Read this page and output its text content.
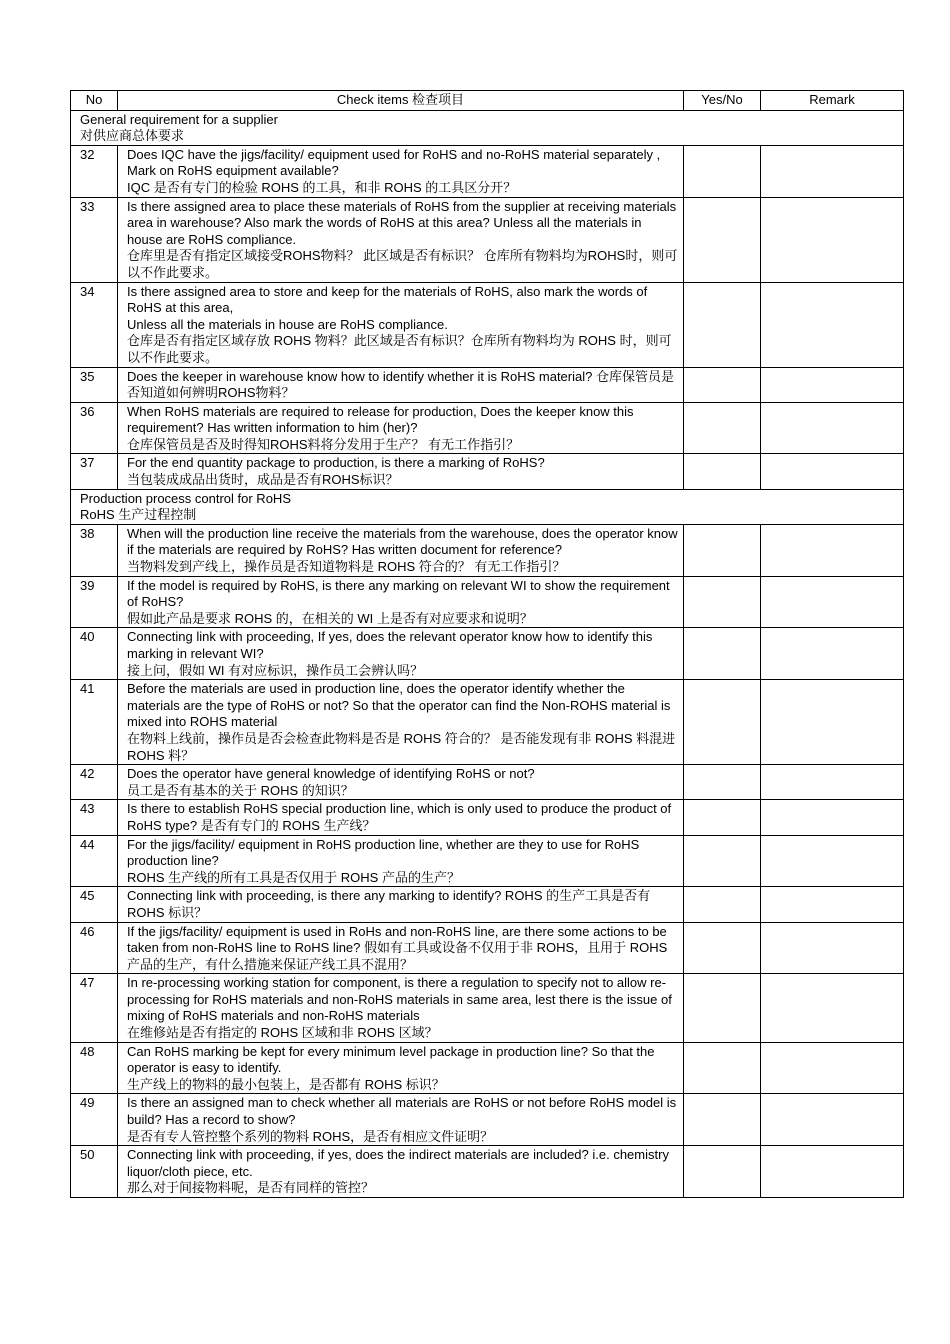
No	Check items 检查项目	Yes/No	Remark

General requirement for a supplier
对供应商总体要求			

32	Does IQC have the jigs/facility/ equipment used for RoHS and no-RoHS material separately , Mark on RoHS equipment available?
IQC 是否有专门的检验 ROHS 的工具，和非 ROHS 的工具区分开？		

33	Is there assigned area to place these materials of RoHS from the supplier at receiving materials area in warehouse? Also mark the words of RoHS at this area? Unless all the materials in house are RoHS compliance.
仓库里是否有指定区域接受ROHS物料？ 此区域是否有标识？ 仓库所有物料均为ROHS时，则可以不作此要求。		

34	Is there assigned area to store and keep for the materials of RoHS, also mark the words of RoHS at this area,
Unless all the materials in house are RoHS compliance.
仓库是否有指定区域存放 ROHS 物料？此区域是否有标识？仓库所有物料均为 ROHS 时，则可以不作此要求。		

35	Does the keeper in warehouse know how to identify whether it is RoHS material? 仓库保管员是否知道如何辨明ROHS物料？		

36	When RoHS materials are required to release for production, Does the keeper know this requirement? Has written information to him (her)?
仓库保管员是否及时得知ROHS料将分发用于生产？ 有无工作指引？		

37	For the end quantity package to production, is there a marking of RoHS?
当包装成成品出货时，成品是否有ROHS标识？		

Production process control for RoHS
RoHS 生产过程控制			

38	When will the production line receive the materials from the warehouse, does the operator know if the materials are required by RoHS? Has written document for reference?
当物料发到产线上，操作员是否知道物料是 ROHS 符合的？ 有无工作指引？		

39	If the model is required by RoHS, is there any marking on relevant WI to show the requirement of RoHS?
假如此产品是要求 ROHS 的，在相关的 WI 上是否有对应要求和说明？		

40	Connecting link with proceeding, If yes, does the relevant operator know how to identify this marking in relevant WI?
接上问，假如 WI 有对应标识，操作员工会辨认吗？		

41	Before the materials are used in production line, does the operator identify whether the materials are the type of RoHS or not? So that the operator can find the Non-ROHS material is mixed into ROHS material
在物料上线前，操作员是否会检查此物料是否是 ROHS 符合的？ 是否能发现有非 ROHS 料混进 ROHS 料？		

42	Does the operator have general knowledge of identifying RoHS or not?
员工是否有基本的关于 ROHS 的知识？		

43	Is there to establish RoHS special production line, which is only used to produce the product of RoHS type? 是否有专门的 ROHS 生产线？		

44	For the jigs/facility/ equipment in RoHS production line, whether are they to use for RoHS production line?
ROHS 生产线的所有工具是否仅用于 ROHS 产品的生产？		

45	Connecting link with proceeding, is there any marking to identify? ROHS 的生产工具是否有 ROHS 标识？		

46	If the jigs/facility/ equipment is used in RoHs and non-RoHS line, are there some actions to be taken from non-RoHS line to RoHS line? 假如有工具或设备不仅用于非 ROHS，且用于 ROHS 产品的生产，有什么措施来保证产线工具不混用？		

47	In re-processing working station for component, is there a regulation to specify not to allow re-processing for RoHS materials and non-RoHS materials in same area, lest there is the issue of mixing of RoHS materials and non-RoHS materials
在维修站是否有指定的 ROHS 区域和非 ROHS 区域？		

48	Can RoHS marking be kept for every minimum level package in production line? So that the operator is easy to identify.
生产线上的物料的最小包装上，是否都有 ROHS 标识？		

49	Is there an assigned man to check whether all materials are RoHS or not before RoHS model is build? Has a record to show?
是否有专人管控整个系列的物料 ROHS，是否有相应文件证明？		

50	Connecting link with proceeding, if yes, does the indirect materials are included? i.e. chemistry liquor/cloth piece, etc.
那么对于间接物料呢，是否有同样的管控？		
